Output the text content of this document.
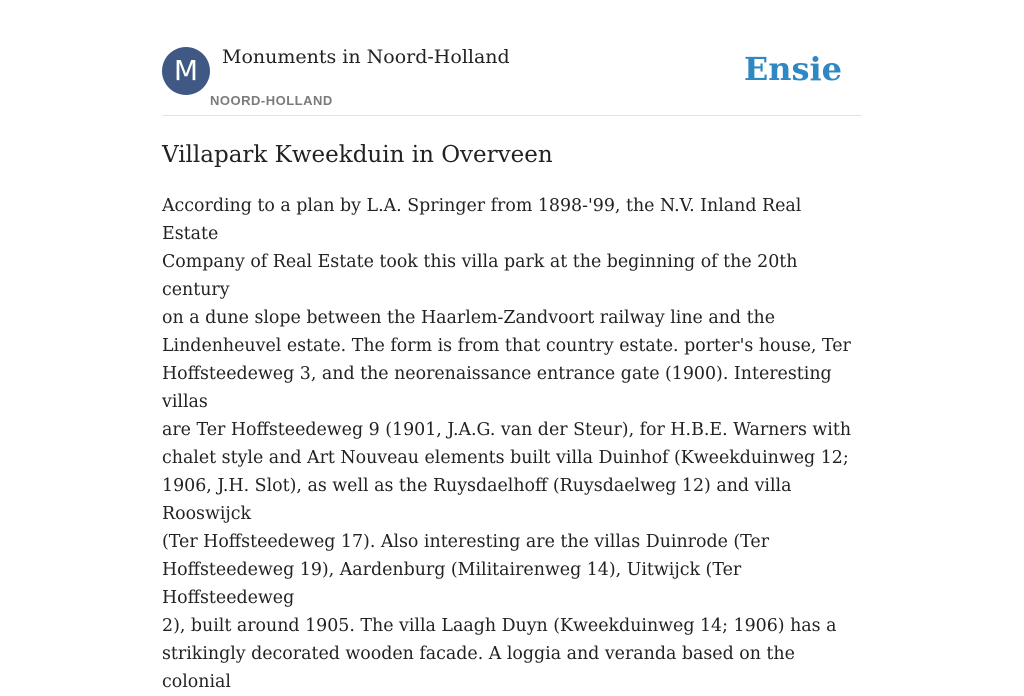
M Monuments in Noord-Holland
NOORD-HOLLAND
Ensie
Villapark Kweekduin in Overveen

According to a plan by L.A. Springer from 1898-'99, the N.V. Inland Real Estate

Company of Real Estate took this villa park at the beginning of the 20th century

on a dune slope between the Haarlem-Zandvoort railway line and the

Lindenheuvel estate. The form is from that country estate. porter's house, Ter

Hoffsteedeweg 3, and the neorenaissance entrance gate (1900). Interesting villas

are Ter Hoffsteedeweg 9 (1901, J.A.G. van der Steur), for H.B.E. Warners with

chalet style and Art Nouveau elements built villa Duinhof (Kweekduinweg 12;

1906, J.H. Slot), as well as the Ruysdaelhoff (Ruysdaelweg 12) and villa Rooswijck

(Ter Hoffsteedeweg 17). Also interesting are the villas Duinrode (Ter

Hoffsteedeweg 19), Aardenburg (Militairenweg 14), Uitwijck (Ter Hoffsteedeweg

2), built around 1905. The villa Laagh Duyn (Kweekduinweg 14; 1906) has a

strikingly decorated wooden facade. A loggia and veranda based on the colonial
